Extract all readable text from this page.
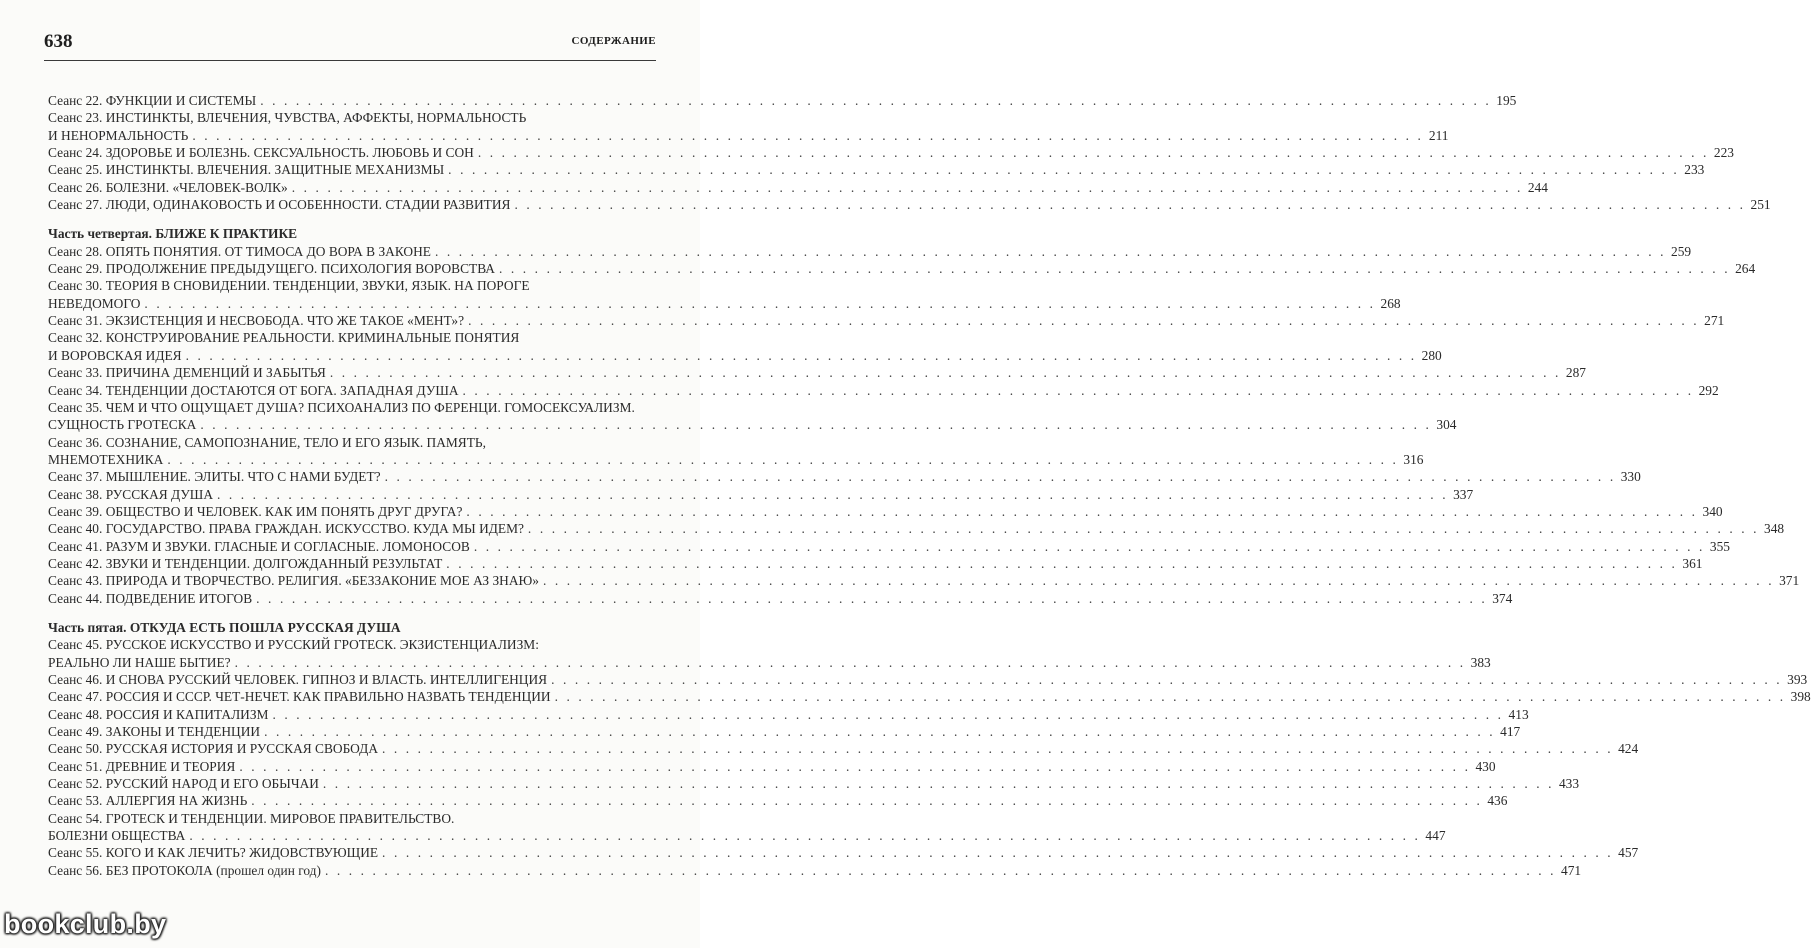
638	СОДЕРЖАНИЕ
Сеанс 22. ФУНКЦИИ И СИСТЕМЫ . . . . . . . . . . . . . . . . . . . . . . . . . . . . . . . . . . . . . . . . . . . . . . . . . . . . . . . . . . . . . . . . . . . . . . . . . . . . . . . . . . . . . . . . . . . . . . . . . . . . . . . . 195
Сеанс 23. ИНСТИНКТЫ, ВЛЕЧЕНИЯ, ЧУВСТВА, АФФЕКТЫ, НОРМАЛЬНОСТЬ
И НЕНОРМАЛЬНОСТЬ . . . . . . . . . . . . . . . . . . . . . . . . . . . . . . . . . . . . . . . . . . . . . . . . . . . . . . . . . . . . . . . . . . . . . . . . . . . . . . . . . . . . . . . . . . . . . . . . . . . . . . . . 211
Сеанс 24. ЗДОРОВЬЕ И БОЛЕЗНЬ. СЕКСУАЛЬНОСТЬ. ЛЮБОВЬ И СОН . . . . . . . . . . . . . . . . . . . . . . . . . . . . . . . . . . . . . . . . . . . . . . . . . . . . . . . . . . . . . . . . . . . . . . . . . . . . . . . . . . . . . . . . . . . . . . . . . . . . . . . . 223
Сеанс 25. ИНСТИНКТЫ. ВЛЕЧЕНИЯ. ЗАЩИТНЫЕ МЕХАНИЗМЫ . . . . . . . . . . . . . . . . . . . . . . . . . . . . . . . . . . . . . . . . . . . . . . . . . . . . . . . . . . . . . . . . . . . . . . . . . . . . . . . . . . . . . . . . . . . . . . . . . . . . . . . . 233
Сеанс 26. БОЛЕЗНИ. «ЧЕЛОВЕК-ВОЛК» . . . . . . . . . . . . . . . . . . . . . . . . . . . . . . . . . . . . . . . . . . . . . . . . . . . . . . . . . . . . . . . . . . . . . . . . . . . . . . . . . . . . . . . . . . . . . . . . . . . . . . . . 244
Сеанс 27. ЛЮДИ, ОДИНАКОВОСТЬ И ОСОБЕННОСТИ. СТАДИИ РАЗВИТИЯ . . . . . . . . . . . . . . . . . . . . . . . . . . . . . . . . . . . . . . . . . . . . . . . . . . . . . . . . . . . . . . . . . . . . . . . . . . . . . . . . . . . . . . . . . . . . . . . . . . . . . . . . 251
Часть четвертая. БЛИЖЕ К ПРАКТИКЕ
Сеанс 28. ОПЯТЬ ПОНЯТИЯ. ОТ ТИМОСА ДО ВОРА В ЗАКОНЕ . . . . . . . . . . . . . . . . . . . . . . . . . . . . . . . . . . . . . . . . . . . . . . . . . . . . . . . . . . . . . . . . . . . . . . . . . . . . . . . . . . . . . . . . . . . . . . . . . . . . . . . . 259
Сеанс 29. ПРОДОЛЖЕНИЕ ПРЕДЫДУЩЕГО. ПСИХОЛОГИЯ ВОРОВСТВА . . . . . . . . . . . . . . . . . . . . . . . . . . . . . . . . . . . . . . . . . . . . . . . . . . . . . . . . . . . . . . . . . . . . . . . . . . . . . . . . . . . . . . . . . . . . . . . . . . . . . . . . 264
Сеанс 30. ТЕОРИЯ В СНОВИДЕНИИ. ТЕНДЕНЦИИ, ЗВУКИ, ЯЗЫК. НА ПОРОГЕ
НЕВЕДОМОГО . . . . . . . . . . . . . . . . . . . . . . . . . . . . . . . . . . . . . . . . . . . . . . . . . . . . . . . . . . . . . . . . . . . . . . . . . . . . . . . . . . . . . . . . . . . . . . . . . . . . . . . . 268
Сеанс 31. ЭКЗИСТЕНЦИЯ И НЕСВОБОДА. ЧТО ЖЕ ТАКОЕ «МЕНТ»? . . . . . . . . . . . . . . . . . . . . . . . . . . . . . . . . . . . . . . . . . . . . . . . . . . . . . . . . . . . . . . . . . . . . . . . . . . . . . . . . . . . . . . . . . . . . . . . . . . . . . . . . 271
Сеанс 32. КОНСТРУИРОВАНИЕ РЕАЛЬНОСТИ. КРИМИНАЛЬНЫЕ ПОНЯТИЯ
И ВОРОВСКАЯ ИДЕЯ . . . . . . . . . . . . . . . . . . . . . . . . . . . . . . . . . . . . . . . . . . . . . . . . . . . . . . . . . . . . . . . . . . . . . . . . . . . . . . . . . . . . . . . . . . . . . . . . . . . . . . . . 280
Сеанс 33. ПРИЧИНА ДЕМЕНЦИЙ И ЗАБЫТЬЯ . . . . . . . . . . . . . . . . . . . . . . . . . . . . . . . . . . . . . . . . . . . . . . . . . . . . . . . . . . . . . . . . . . . . . . . . . . . . . . . . . . . . . . . . . . . . . . . . . . . . . . . . 287
Сеанс 34. ТЕНДЕНЦИИ ДОСТАЮТСЯ ОТ БОГА. ЗАПАДНАЯ ДУША . . . . . . . . . . . . . . . . . . . . . . . . . . . . . . . . . . . . . . . . . . . . . . . . . . . . . . . . . . . . . . . . . . . . . . . . . . . . . . . . . . . . . . . . . . . . . . . . . . . . . . . . 292
Сеанс 35. ЧЕМ И ЧТО ОЩУЩАЕТ ДУША? ПСИХОАНАЛИЗ ПО ФЕРЕНЦИ. ГОМОСЕКСУАЛИЗМ.
СУЩНОСТЬ ГРОТЕСКА . . . . . . . . . . . . . . . . . . . . . . . . . . . . . . . . . . . . . . . . . . . . . . . . . . . . . . . . . . . . . . . . . . . . . . . . . . . . . . . . . . . . . . . . . . . . . . . . . . . . . . . . 304
Сеанс 36. СОЗНАНИЕ, САМОПОЗНАНИЕ, ТЕЛО И ЕГО ЯЗЫК. ПАМЯТЬ,
МНЕМОТЕХНИКА . . . . . . . . . . . . . . . . . . . . . . . . . . . . . . . . . . . . . . . . . . . . . . . . . . . . . . . . . . . . . . . . . . . . . . . . . . . . . . . . . . . . . . . . . . . . . . . . . . . . . . . . 316
Сеанс 37. МЫШЛЕНИЕ. ЭЛИТЫ. ЧТО С НАМИ БУДЕТ? . . . . . . . . . . . . . . . . . . . . . . . . . . . . . . . . . . . . . . . . . . . . . . . . . . . . . . . . . . . . . . . . . . . . . . . . . . . . . . . . . . . . . . . . . . . . . . . . . . . . . . . . 330
Сеанс 38. РУССКАЯ ДУША . . . . . . . . . . . . . . . . . . . . . . . . . . . . . . . . . . . . . . . . . . . . . . . . . . . . . . . . . . . . . . . . . . . . . . . . . . . . . . . . . . . . . . . . . . . . . . . . . . . . . . . . 337
Сеанс 39. ОБЩЕСТВО И ЧЕЛОВЕК. КАК ИМ ПОНЯТЬ ДРУГ ДРУГА? . . . . . . . . . . . . . . . . . . . . . . . . . . . . . . . . . . . . . . . . . . . . . . . . . . . . . . . . . . . . . . . . . . . . . . . . . . . . . . . . . . . . . . . . . . . . . . . . . . . . . . . . 340
Сеанс 40. ГОСУДАРСТВО. ПРАВА ГРАЖДАН. ИСКУССТВО. КУДА МЫ ИДЕМ? . . . . . . . . . . . . . . . . . . . . . . . . . . . . . . . . . . . . . . . . . . . . . . . . . . . . . . . . . . . . . . . . . . . . . . . . . . . . . . . . . . . . . . . . . . . . . . . . . . . . . . . . 348
Сеанс 41. РАЗУМ И ЗВУКИ. ГЛАСНЫЕ И СОГЛАСНЫЕ. ЛОМОНОСОВ . . . . . . . . . . . . . . . . . . . . . . . . . . . . . . . . . . . . . . . . . . . . . . . . . . . . . . . . . . . . . . . . . . . . . . . . . . . . . . . . . . . . . . . . . . . . . . . . . . . . . . . . 355
Сеанс 42. ЗВУКИ И ТЕНДЕНЦИИ. ДОЛГОЖДАННЫЙ РЕЗУЛЬТАТ . . . . . . . . . . . . . . . . . . . . . . . . . . . . . . . . . . . . . . . . . . . . . . . . . . . . . . . . . . . . . . . . . . . . . . . . . . . . . . . . . . . . . . . . . . . . . . . . . . . . . . . . 361
Сеанс 43. ПРИРОДА И ТВОРЧЕСТВО. РЕЛИГИЯ. «БЕЗЗАКОНИЕ МОЕ АЗ ЗНАЮ» . . . . . . . . . . . . . . . . . . . . . . . . . . . . . . . . . . . . . . . . . . . . . . . . . . . . . . . . . . . . . . . . . . . . . . . . . . . . . . . . . . . . . . . . . . . . . . . . . . . . . . . . 371
Сеанс 44. ПОДВЕДЕНИЕ ИТОГОВ . . . . . . . . . . . . . . . . . . . . . . . . . . . . . . . . . . . . . . . . . . . . . . . . . . . . . . . . . . . . . . . . . . . . . . . . . . . . . . . . . . . . . . . . . . . . . . . . . . . . . . . . 374
Часть пятая. ОТКУДА ЕСТЬ ПОШЛА РУССКАЯ ДУША
Сеанс 45. РУССКОЕ ИСКУССТВО И РУССКИЙ ГРОТЕСК. ЭКЗИСТЕНЦИАЛИЗМ:
РЕАЛЬНО ЛИ НАШЕ БЫТИЕ? . . . . . . . . . . . . . . . . . . . . . . . . . . . . . . . . . . . . . . . . . . . . . . . . . . . . . . . . . . . . . . . . . . . . . . . . . . . . . . . . . . . . . . . . . . . . . . . . . . . . . . . . 383
Сеанс 46. И СНОВА РУССКИЙ ЧЕЛОВЕК. ГИПНОЗ И ВЛАСТЬ. ИНТЕЛЛИГЕНЦИЯ . . . . . . . . . . . . . . . . . . . . . . . . . . . . . . . . . . . . . . . . . . . . . . . . . . . . . . . . . . . . . . . . . . . . . . . . . . . . . . . . . . . . . . . . . . . . . . . . . . . . . . . . 393
Сеанс 47. РОССИЯ И СССР. ЧЕТ-НЕЧЕТ. КАК ПРАВИЛЬНО НАЗВАТЬ ТЕНДЕНЦИИ . . . . . . . . . . . . . . . . . . . . . . . . . . . . . . . . . . . . . . . . . . . . . . . . . . . . . . . . . . . . . . . . . . . . . . . . . . . . . . . . . . . . . . . . . . . . . . . . . . . . . . . . 398
Сеанс 48. РОССИЯ И КАПИТАЛИЗМ . . . . . . . . . . . . . . . . . . . . . . . . . . . . . . . . . . . . . . . . . . . . . . . . . . . . . . . . . . . . . . . . . . . . . . . . . . . . . . . . . . . . . . . . . . . . . . . . . . . . . . . . 413
Сеанс 49. ЗАКОНЫ И ТЕНДЕНЦИИ . . . . . . . . . . . . . . . . . . . . . . . . . . . . . . . . . . . . . . . . . . . . . . . . . . . . . . . . . . . . . . . . . . . . . . . . . . . . . . . . . . . . . . . . . . . . . . . . . . . . . . . . 417
Сеанс 50. РУССКАЯ ИСТОРИЯ И РУССКАЯ СВОБОДА . . . . . . . . . . . . . . . . . . . . . . . . . . . . . . . . . . . . . . . . . . . . . . . . . . . . . . . . . . . . . . . . . . . . . . . . . . . . . . . . . . . . . . . . . . . . . . . . . . . . . . . . 424
Сеанс 51. ДРЕВНИЕ И ТЕОРИЯ . . . . . . . . . . . . . . . . . . . . . . . . . . . . . . . . . . . . . . . . . . . . . . . . . . . . . . . . . . . . . . . . . . . . . . . . . . . . . . . . . . . . . . . . . . . . . . . . . . . . . . . . 430
Сеанс 52. РУССКИЙ НАРОД И ЕГО ОБЫЧАИ . . . . . . . . . . . . . . . . . . . . . . . . . . . . . . . . . . . . . . . . . . . . . . . . . . . . . . . . . . . . . . . . . . . . . . . . . . . . . . . . . . . . . . . . . . . . . . . . . . . . . . . . 433
Сеанс 53. АЛЛЕРГИЯ НА ЖИЗНЬ . . . . . . . . . . . . . . . . . . . . . . . . . . . . . . . . . . . . . . . . . . . . . . . . . . . . . . . . . . . . . . . . . . . . . . . . . . . . . . . . . . . . . . . . . . . . . . . . . . . . . . . . 436
Сеанс 54. ГРОТЕСК И ТЕНДЕНЦИИ. МИРОВОЕ ПРАВИТЕЛЬСТВО.
БОЛЕЗНИ ОБЩЕСТВА . . . . . . . . . . . . . . . . . . . . . . . . . . . . . . . . . . . . . . . . . . . . . . . . . . . . . . . . . . . . . . . . . . . . . . . . . . . . . . . . . . . . . . . . . . . . . . . . . . . . . . . . 447
Сеанс 55. КОГО И КАК ЛЕЧИТЬ? ЖИДОВСТВУЮЩИЕ . . . . . . . . . . . . . . . . . . . . . . . . . . . . . . . . . . . . . . . . . . . . . . . . . . . . . . . . . . . . . . . . . . . . . . . . . . . . . . . . . . . . . . . . . . . . . . . . . . . . . . . . 457
Сеанс 56. БЕЗ ПРОТОКОЛА (прошел один год) . . . . . . . . . . . . . . . . . . . . . . . . . . . . . . . . . . . . . . . . . . . . . . . . . . . . . . . . . . . . . . . . . . . . . . . . . . . . . . . . . . . . . . . . . . . . . . . . . . . . . . . . 471
bookclub.by
